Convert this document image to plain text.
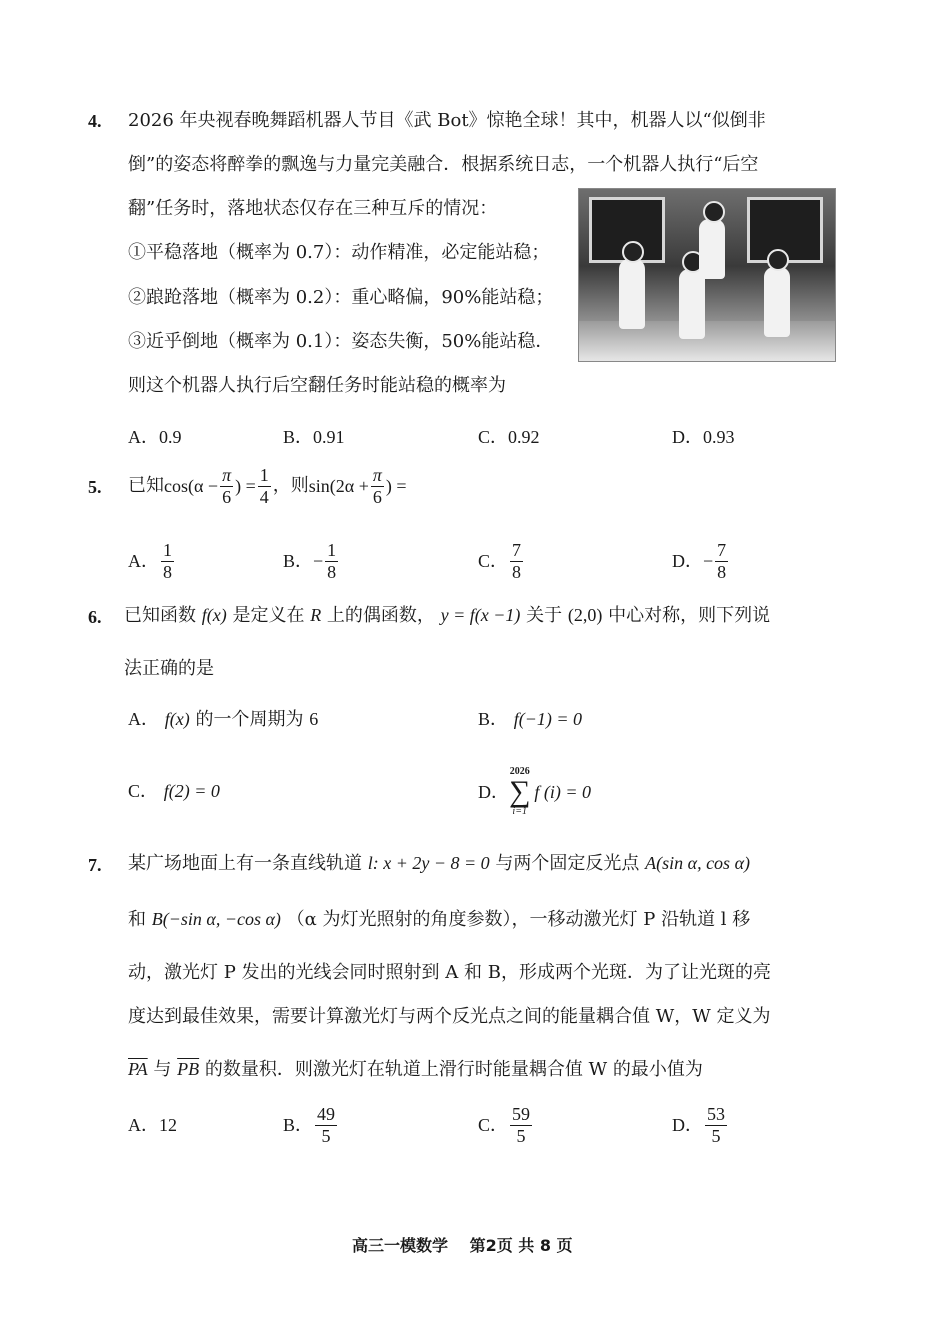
4. 2026 年央视春晚舞蹈机器人节目《武 Bot》惊艳全球！其中，机器人以“似倒非
倒”的姿态将醉拳的飘逸与力量完美融合．根据系统日志，一个机器人执行“后空
翻”任务时，落地状态仅存在三种互斥的情况：
①平稳落地（概率为 0.7）：动作精准，必定能站稳；
②踉跄落地（概率为 0.2）：重心略偏，90%能站稳；
③近乎倒地（概率为 0.1）：姿态失衡，50%能站稳．
则这个机器人执行后空翻任务时能站稳的概率为
A．0.9	B．0.91	C．0.92	D．0.93
5. 已知 $\cos(\alpha - \frac{\pi}{6}$ ) = $\frac{1}{4}$ ，则 $\sin(2\alpha + \frac{\pi}{6}$ ) =
A． $\frac{1}{8}$	B． − $\frac{1}{8}$	C． $\frac{7}{8}$	D． − $\frac{7}{8}$
6. 已知函数 f(x) 是定义在 R 上的偶函数， y = f(x −1) 关于 (2,0) 中心对称，则下列说
法正确的是
A． f(x) 的一个周期为 6	B． f(−1) = 0
C． f(2) = 0	D．
2026
∑
i=1
f (i) = 0
7. 某广场地面上有一条直线轨道 l: x + 2y − 8 = 0 与两个固定反光点 A(sin α, cos α)
和 B(−sin α, −cos α) （α 为灯光照射的角度参数），一移动激光灯 P 沿轨道 l 移
动，激光灯 P 发出的光线会同时照射到 A 和 B，形成两个光斑．为了让光斑的亮
度达到最佳效果，需要计算激光灯与两个反光点之间的能量耦合值 W，W 定义为
$\overline{PA}$ 与 $\overline{PB}$ 的数量积．则激光灯在轨道上滑行时能量耦合值 W 的最小值为
A． 12	B． $\frac{49}{5}$	C． $\frac{59}{5}$	D． $\frac{53}{5}$
高三一模数学　 第2页 共 8 页
